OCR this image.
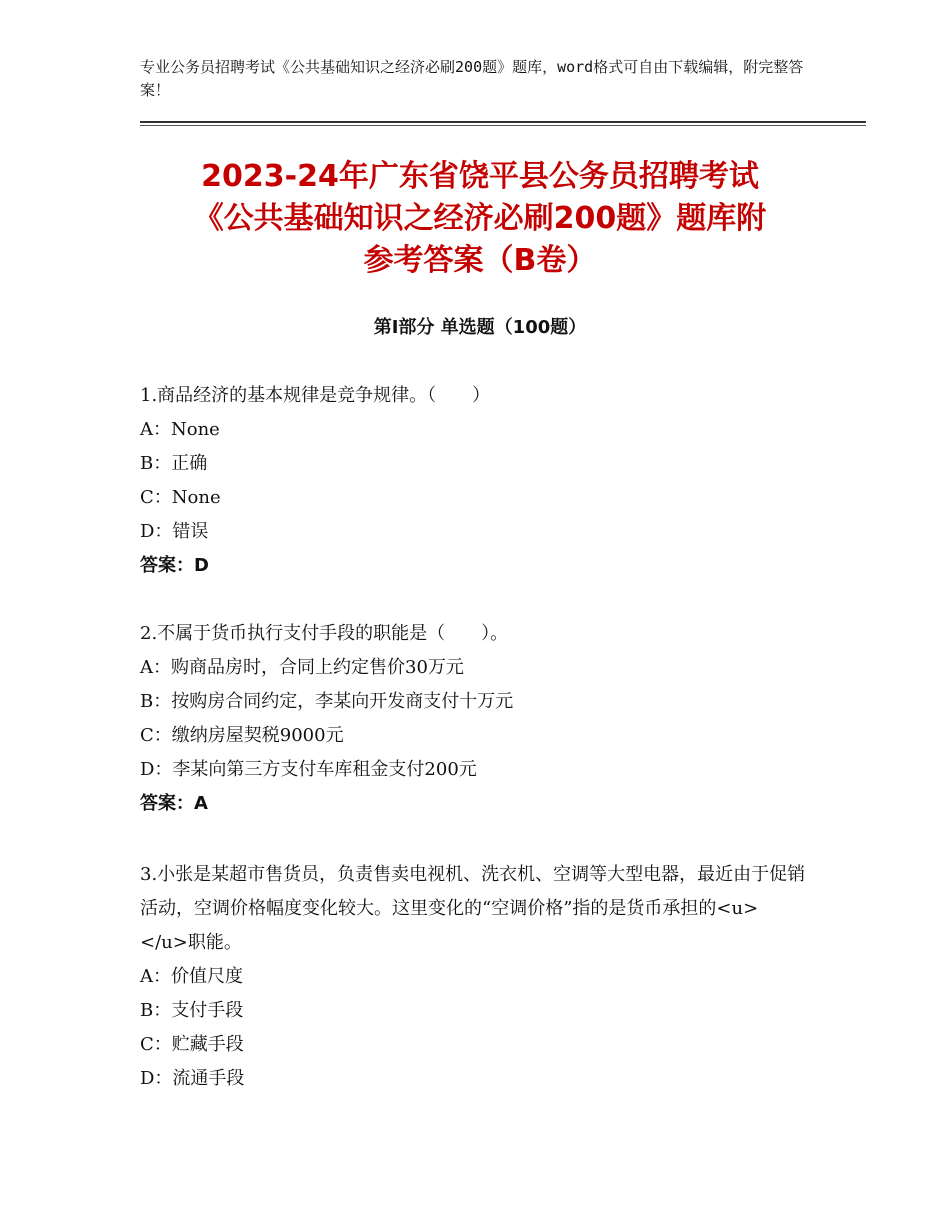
专业公务员招聘考试《公共基础知识之经济必刷200题》题库，word格式可自由下载编辑，附完整答案！
2023-24年广东省饶平县公务员招聘考试
《公共基础知识之经济必刷200题》题库附
参考答案（B卷）
第Ⅰ部分 单选题（100题）

1.商品经济的基本规律是竞争规律。（　　）

A：None

B：正确

C：None

D：错误

答案：D

2.不属于货币执行支付手段的职能是（　　）。

A：购商品房时，合同上约定售价30万元

B：按购房合同约定，李某向开发商支付十万元

C：缴纳房屋契税9000元

D：李某向第三方支付车库租金支付200元

答案：A

3.小张是某超市售货员，负责售卖电视机、洗衣机、空调等大型电器，最近由于促销活动，空调价格幅度变化较大。这里变化的“空调价格”指的是货币承担的<u>　　　　</u>职能。

A：价值尺度

B：支付手段

C：贮藏手段

D：流通手段
